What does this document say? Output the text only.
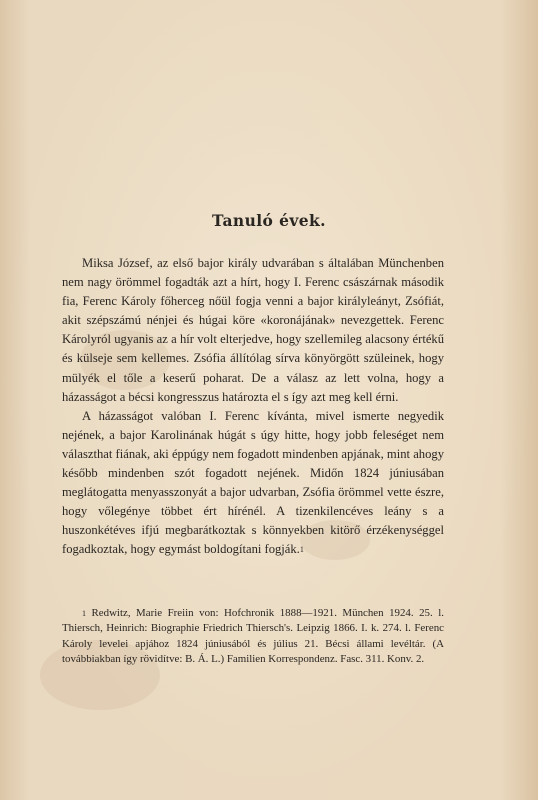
Tanuló évek.

Miksa József, az első bajor király udvarában s általában Münchenben nem nagy örömmel fogadták azt a hírt, hogy I. Ferenc császárnak második fia, Ferenc Károly főherceg nőül fogja venni a bajor királyleányt, Zsófiát, akit szépszámú nénjei és húgai köre «koronájának» nevezgettek. Ferenc Károlyról ugyanis az a hír volt elterjedve, hogy szellemileg alacsony értékű és külseje sem kellemes. Zsófia állítólag sírva könyörgött szüleinek, hogy mülyék el tőle a keserű poharat. De a válasz az lett volna, hogy a házasságot a bécsi kongresszus határozta el s így azt meg kell érni.

A házasságot valóban I. Ferenc kívánta, mivel ismerte negyedik nejének, a bajor Karolinának húgát s úgy hitte, hogy jobb feleséget nem választhat fiának, aki éppúgy nem fogadott mindenben apjának, mint ahogy később mindenben szót fogadott nejének. Midőn 1824 júniusában meglátogatta menyasszonyát a bajor udvarban, Zsófia örömmel vette észre, hogy vőlegénye többet ért hírénél. A tizenkilencéves leány s a huszonkétéves ifjú megbarátkoztak s könnyekben kitörő érzékenységgel fogadkoztak, hogy egymást boldogítani fogják.$^1$

$^1$ Redwitz, Marie Freiin von: Hofchronik 1888—1921. München 1924. 25. l. Thiersch, Heinrich: Biographie Friedrich Thiersch's. Leipzig 1866. I. k. 274. l. Ferenc Károly levelei apjához 1824 júniusából és július 21. Bécsi állami levéltár. (A továbbiakban így rövidítve: B. Á. L.) Familien Korrespondenz. Fasc. 311. Konv. 2.
